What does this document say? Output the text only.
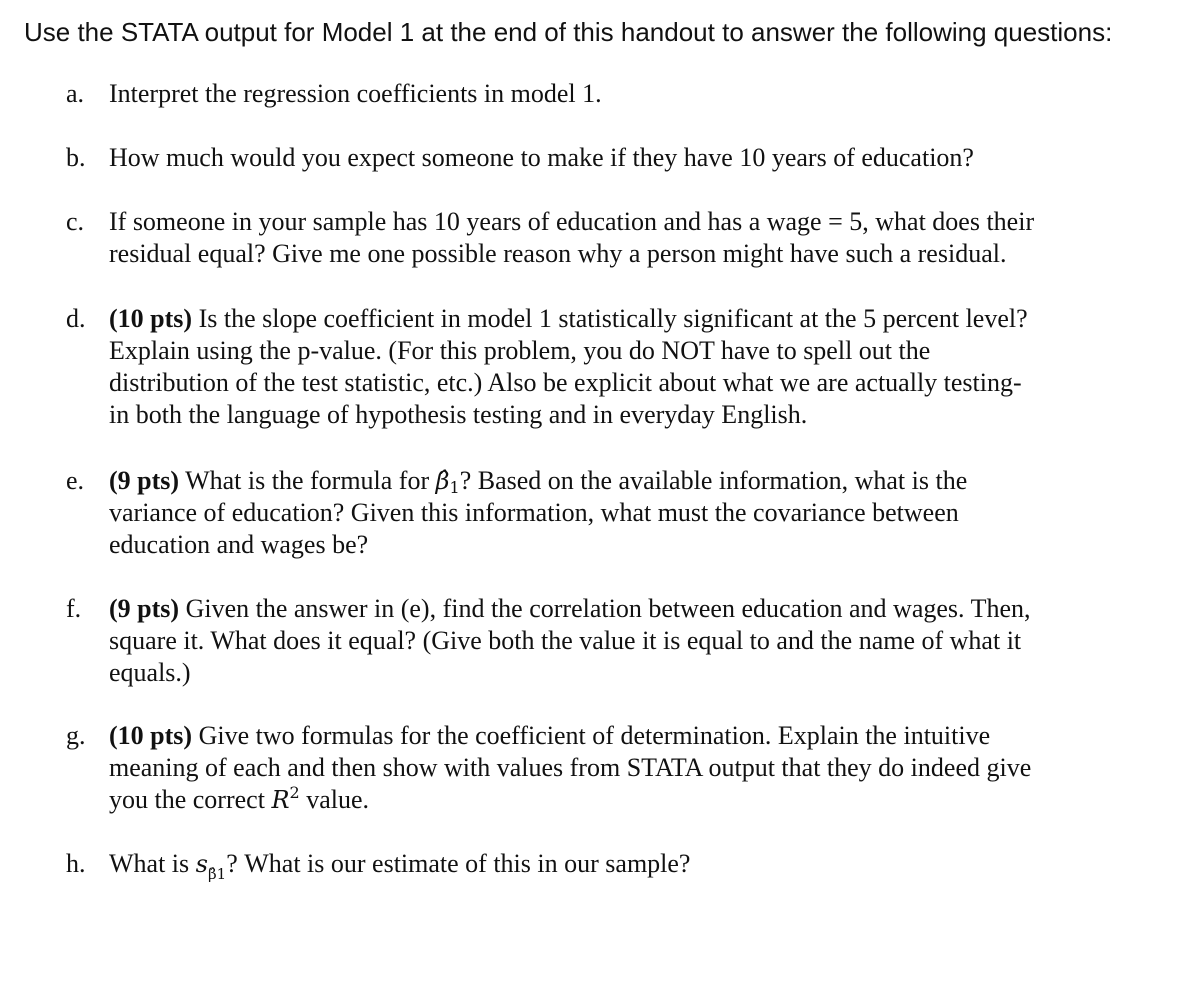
Use the STATA output for Model 1 at the end of this handout to answer the following questions:
a. Interpret the regression coefficients in model 1.
b. How much would you expect someone to make if they have 10 years of education?
c. If someone in your sample has 10 years of education and has a wage = 5, what does their
residual equal? Give me one possible reason why a person might have such a residual.
d. (10 pts) Is the slope coefficient in model 1 statistically significant at the 5 percent level?
Explain using the p-value. (For this problem, you do NOT have to spell out the
distribution of the test statistic, etc.) Also be explicit about what we are actually testing-
in both the language of hypothesis testing and in everyday English.
e. (9 pts) What is the formula for $\betâ_1$? Based on the available information, what is the
variance of education? Given this information, what must the covariance between
education and wages be?
f. (9 pts) Given the answer in (e), find the correlation between education and wages. Then,
square it. What does it equal? (Give both the value it is equal to and the name of what it
equals.)
g. (10 pts) Give two formulas for the coefficient of determination. Explain the intuitive
meaning of each and then show with values from STATA output that they do indeed give
you the correct $R^2$ value.
h. What is $s_{\betâ1}$? What is our estimate of this in our sample?
